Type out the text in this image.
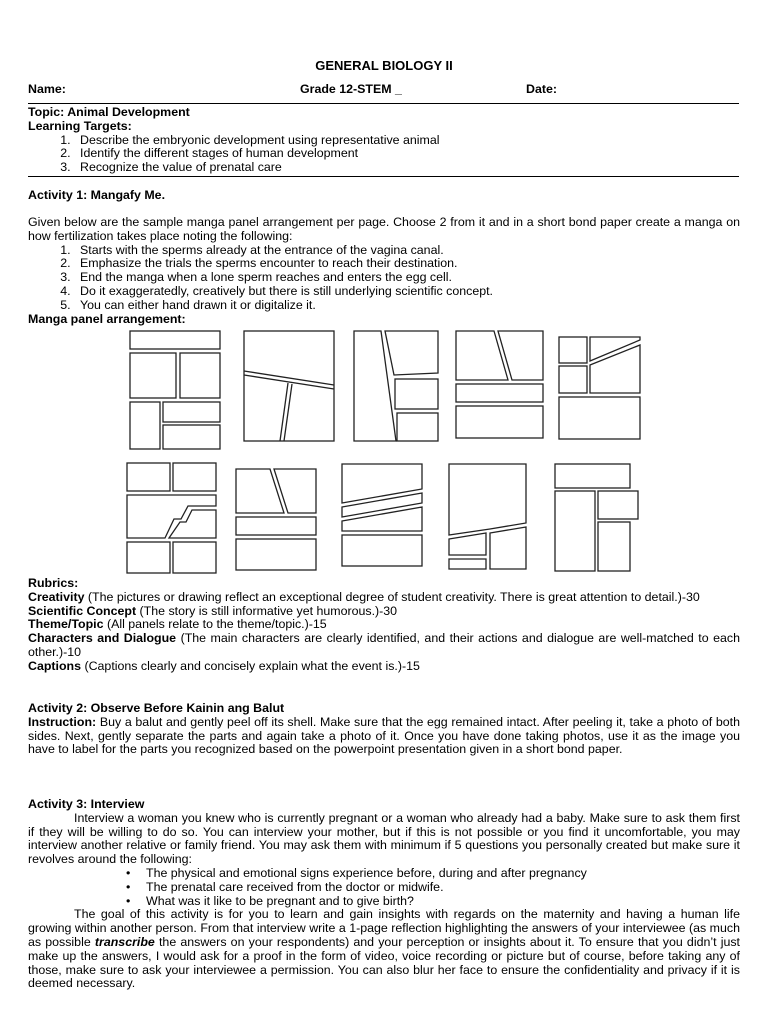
GENERAL BIOLOGY II
Name:	Grade 12-STEM _	Date:
Topic: Animal Development
Learning Targets:
1. Describe the embryonic development using representative animal
2. Identify the different stages of human development
3. Recognize the value of prenatal care
Activity 1: Mangafy Me.

Given below are the sample manga panel arrangement per page. Choose 2 from it and in a short bond paper create a manga on how fertilization takes place noting the following:

1. Starts with the sperms already at the entrance of the vagina canal.
2. Emphasize the trials the sperms encounter to reach their destination.
3. End the manga when a lone sperm reaches and enters the egg cell.
4. Do it exaggeratedly, creatively but there is still underlying scientific concept.
5. You can either hand drawn it or digitalize it.
Manga panel arrangement:
Rubrics:

Creativity (The pictures or drawing reflect an exceptional degree of student creativity. There is great attention to detail.)-30

Scientific Concept (The story is still informative yet humorous.)-30

Theme/Topic (All panels relate to the theme/topic.)-15

Characters and Dialogue (The main characters are clearly identified, and their actions and dialogue are well-matched to each other.)-10

Captions (Captions clearly and concisely explain what the event is.)-15

Activity 2: Observe Before Kainin ang Balut

Instruction: Buy a balut and gently peel off its shell. Make sure that the egg remained intact. After peeling it, take a photo of both sides. Next, gently separate the parts and again take a photo of it. Once you have done taking photos, use it as the image you have to label for the parts you recognized based on the powerpoint presentation given in a short bond paper.

Activity 3: Interview

Interview a woman you knew who is currently pregnant or a woman who already had a baby. Make sure to ask them first if they will be willing to do so. You can interview your mother, but if this is not possible or you find it uncomfortable, you may interview another relative or family friend. You may ask them with minimum if 5 questions you personally created but make sure it revolves around the following:

• The physical and emotional signs experience before, during and after pregnancy
• The prenatal care received from the doctor or midwife.
• What was it like to be pregnant and to give birth?

The goal of this activity is for you to learn and gain insights with regards on the maternity and having a human life growing within another person. From that interview write a 1-page reflection highlighting the answers of your interviewee (as much as possible transcribe the answers on your respondents) and your perception or insights about it. To ensure that you didn’t just make up the answers, I would ask for a proof in the form of video, voice recording or picture but of course, before taking any of those, make sure to ask your interviewee a permission. You can also blur her face to ensure the confidentiality and privacy if it is deemed necessary.
